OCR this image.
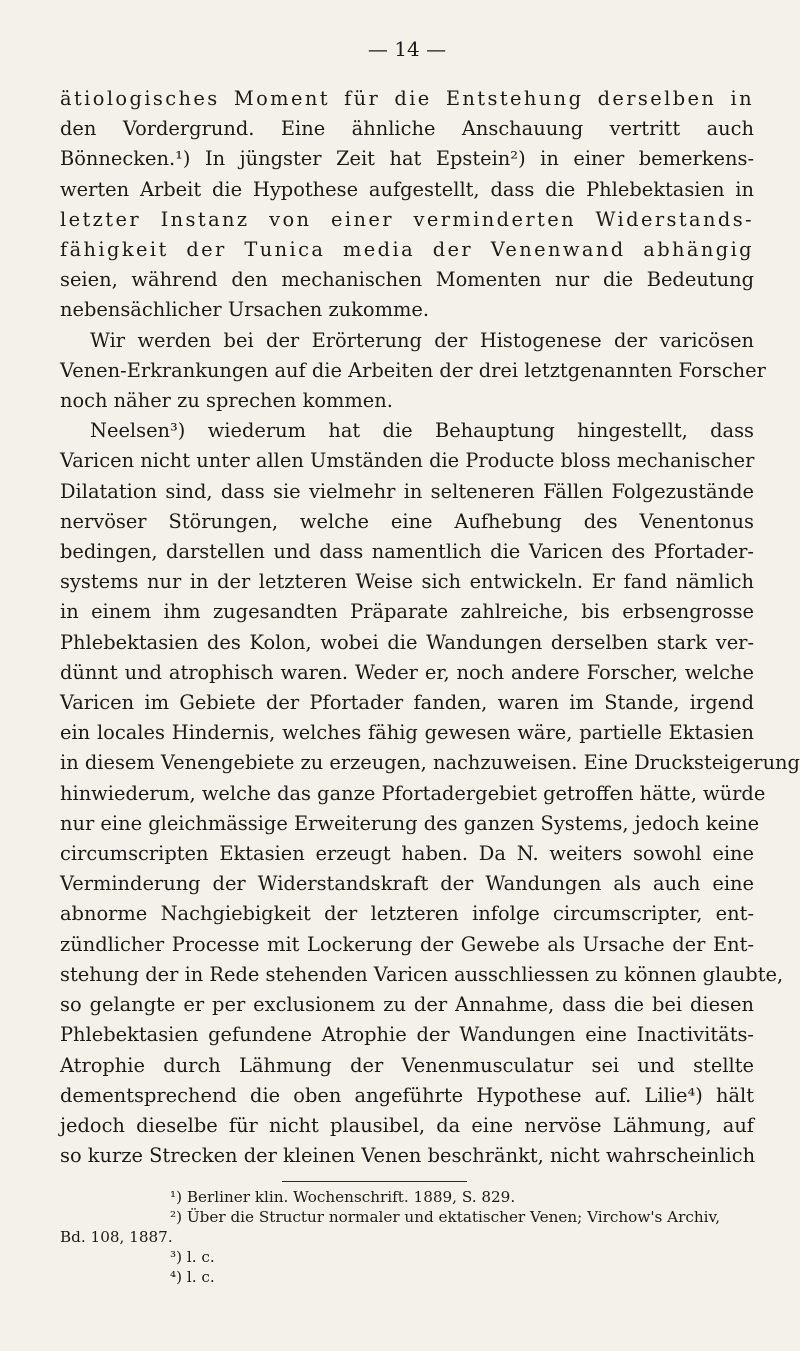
— 14 —
ätiologisches Moment für die Entstehung derselben in
den Vordergrund. Eine ähnliche Anschauung vertritt auch
Bönnecken.¹) In jüngster Zeit hat Epstein²) in einer bemerkens-
werten Arbeit die Hypothese aufgestellt, dass die Phlebektasien in
letzter Instanz von einer verminderten Widerstands-
fähigkeit der Tunica media der Venenwand abhängig
seien, während den mechanischen Momenten nur die Bedeutung
nebensächlicher Ursachen zukomme.
Wir werden bei der Erörterung der Histogenese der varicösen
Venen-Erkrankungen auf die Arbeiten der drei letztgenannten Forscher
noch näher zu sprechen kommen.
Neelsen³) wiederum hat die Behauptung hingestellt, dass
Varicen nicht unter allen Umständen die Producte bloss mechanischer
Dilatation sind, dass sie vielmehr in selteneren Fällen Folgezustände
nervöser Störungen, welche eine Aufhebung des Venentonus
bedingen, darstellen und dass namentlich die Varicen des Pfortader-
systems nur in der letzteren Weise sich entwickeln. Er fand nämlich
in einem ihm zugesandten Präparate zahlreiche, bis erbsengrosse
Phlebektasien des Kolon, wobei die Wandungen derselben stark ver-
dünnt und atrophisch waren. Weder er, noch andere Forscher, welche
Varicen im Gebiete der Pfortader fanden, waren im Stande, irgend
ein locales Hindernis, welches fähig gewesen wäre, partielle Ektasien
in diesem Venengebiete zu erzeugen, nachzuweisen. Eine Drucksteigerung
hinwiederum, welche das ganze Pfortadergebiet getroffen hätte, würde
nur eine gleichmässige Erweiterung des ganzen Systems, jedoch keine
circumscripten Ektasien erzeugt haben. Da N. weiters sowohl eine
Verminderung der Widerstandskraft der Wandungen als auch eine
abnorme Nachgiebigkeit der letzteren infolge circumscripter, ent-
zündlicher Processe mit Lockerung der Gewebe als Ursache der Ent-
stehung der in Rede stehenden Varicen ausschliessen zu können glaubte,
so gelangte er per exclusionem zu der Annahme, dass die bei diesen
Phlebektasien gefundene Atrophie der Wandungen eine Inactivitäts-
Atrophie durch Lähmung der Venenmusculatur sei und stellte
dementsprechend die oben angeführte Hypothese auf. Lilie⁴) hält
jedoch dieselbe für nicht plausibel, da eine nervöse Lähmung, auf
so kurze Strecken der kleinen Venen beschränkt, nicht wahrscheinlich
¹) Berliner klin. Wochenschrift. 1889, S. 829.
²) Über die Structur normaler und ektatischer Venen; Virchow's Archiv,
Bd. 108, 1887.
³) l. c.
⁴) l. c.
